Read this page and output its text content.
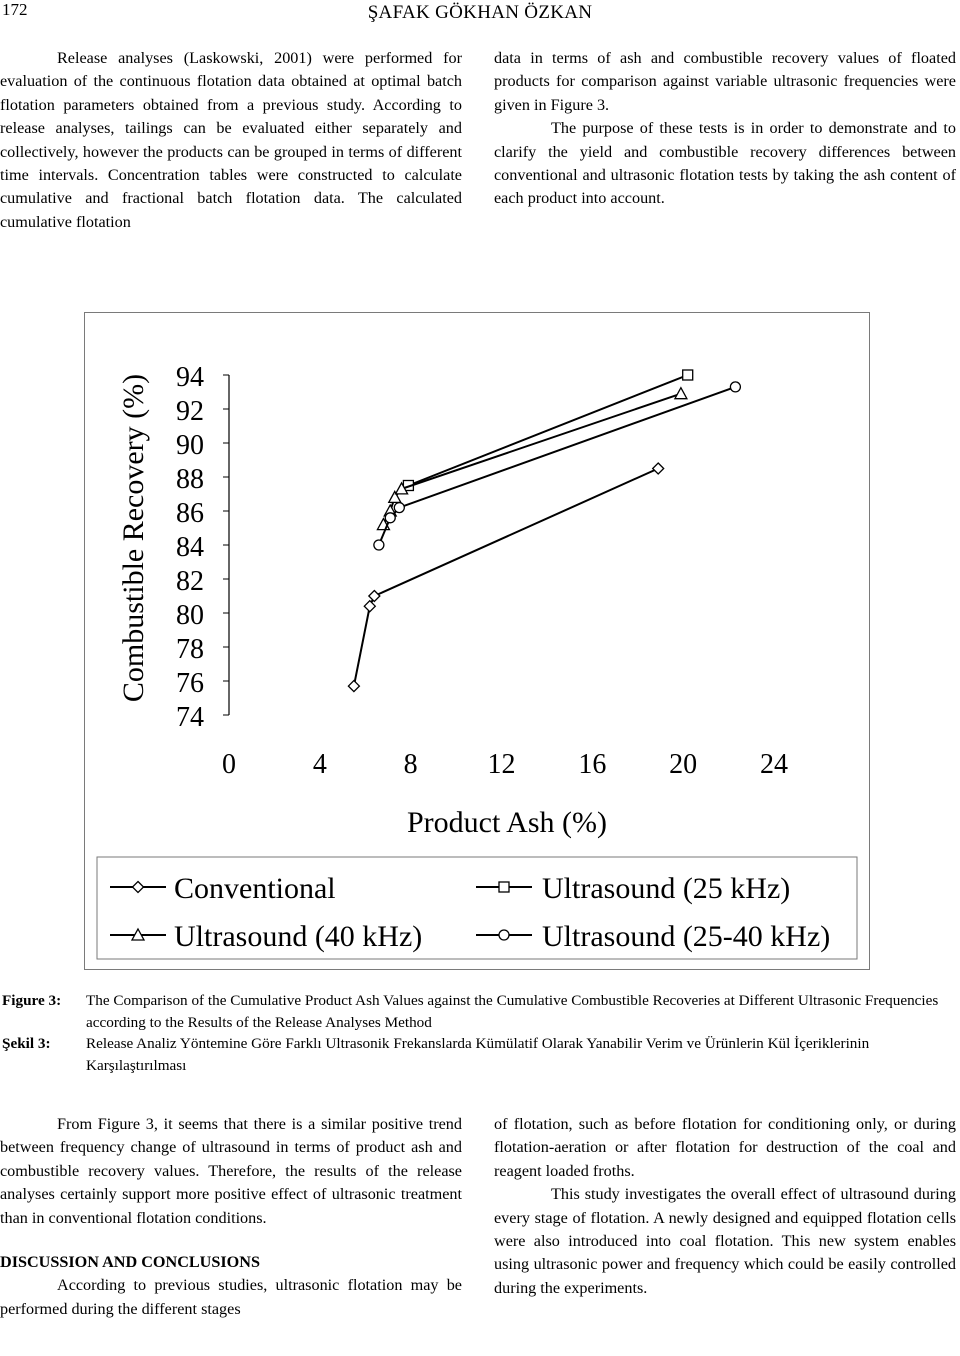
172	ŞAFAK GÖKHAN ÖZKAN

Release analyses (Laskowski, 2001) were performed for evaluation of the continuous flotation data obtained at optimal batch flotation parameters obtained from a previous study. According to release analyses, tailings can be evaluated either separately and collectively, however the products can be grouped in terms of different time intervals. Concentration tables were constructed to calculate cumulative and fractional batch flotation data. The calculated cumulative flotation

data in terms of ash and combustible recovery values of floated products for comparison against variable ultrasonic frequencies were given in Figure 3.

The purpose of these tests is in order to demonstrate and to clarify the yield and combustible recovery differences between conventional and ultrasonic flotation tests by taking the ash content of each product into account.

94
92
90
88
86
84
82
80
78
76
74
0	4	8 12 16 20 24
Product Ash (%)
Combustible Recovery (%)
Conventional	Ultrasound (25 kHz)
Ultrasound (40 kHz)	Ultrasound (25-40 kHz)
Figure 3:	The Comparison of the Cumulative Product Ash Values against the Cumulative Combustible Recoveries at Different Ultrasonic Frequencies according to the Results of the Release Analyses Method
Şekil 3:	Release Analiz Yöntemine Göre Farklı Ultrasonik Frekanslarda Kümülatif Olarak Yanabilir Verim ve Ürünlerin Kül İçeriklerinin Karşılaştırılması

From Figure 3, it seems that there is a similar positive trend between frequency change of ultrasound in terms of product ash and combustible recovery values. Therefore, the results of the release analyses certainly support more positive effect of ultrasonic treatment than in conventional flotation conditions.

DISCUSSION AND CONCLUSIONS

According to previous studies, ultrasonic flotation may be performed during the different stages

of flotation, such as before flotation for conditioning only, or during flotation-aeration or after flotation for destruction of the coal and reagent loaded froths.

This study investigates the overall effect of ultrasound during every stage of flotation. A newly designed and equipped flotation cells were also introduced into coal flotation. This new system enables using ultrasonic power and frequency which could be easily controlled during the experiments.
